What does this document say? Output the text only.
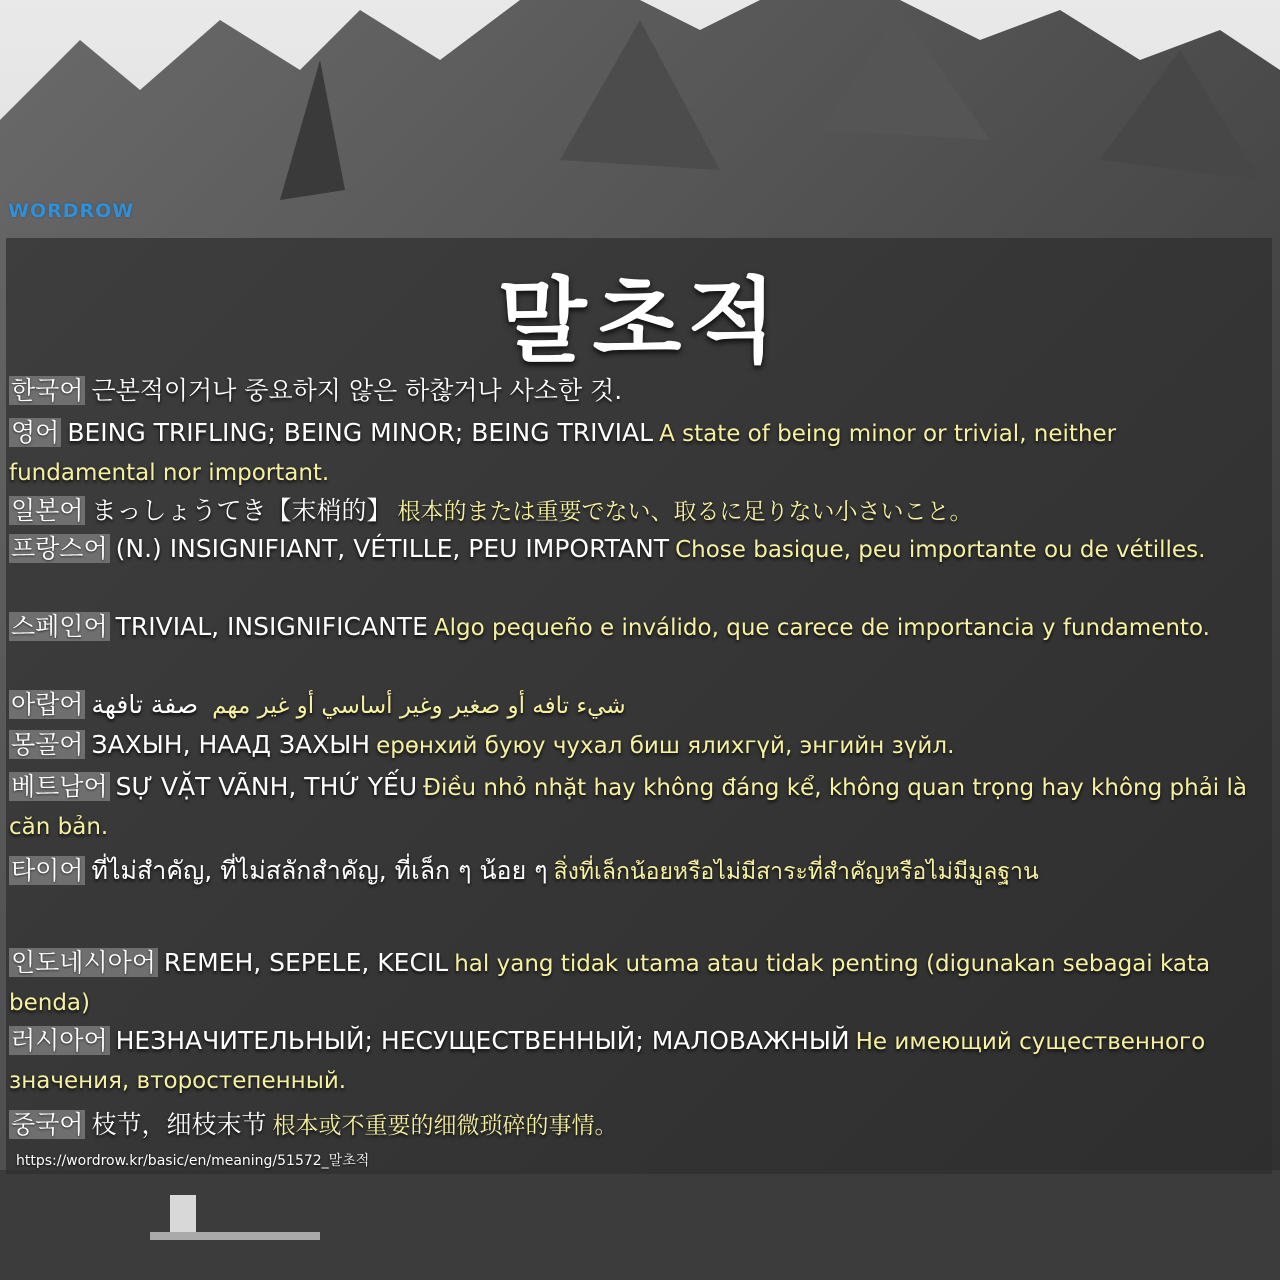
WORDROW
말초적
한국어 근본적이거나 중요하지 않은 하찮거나 사소한 것.
영어 BEING TRIFLING; BEING MINOR; BEING TRIVIAL A state of being minor or trivial, neither fundamental nor important.
일본어 まっしょうてき【末梢的】 根本的または重要でない、取るに足りない小さいこと。
프랑스어 (N.) INSIGNIFIANT, VÉTILLE, PEU IMPORTANT Chose basique, peu importante ou de vétilles.
스페인어 TRIVIAL, INSIGNIFICANTE Algo pequeño e inválido, que carece de importancia y fundamento.
아랍어	شيء تافه أو صغير وغير أساسي أو غير مهم صفة تافهة
몽골어 ЗАХЫН, НААД ЗАХЫН ерөнхий буюу чухал биш ялихгүй, энгийн зүйл.
베트남어 SỰ VẶT VÃNH, THỨ YẾU Điều nhỏ nhặt hay không đáng kể, không quan trọng hay không phải là căn bản.
타이어 ที่ไม่สำคัญ, ที่ไม่สลักสำคัญ, ที่เล็ก ๆ น้อย ๆ สิ่งที่เล็กน้อยหรือไม่มีสาระที่สำคัญหรือไม่มีมูลฐาน
인도네시아어 REMEH, SEPELE, KECIL hal yang tidak utama atau tidak penting (digunakan sebagai kata benda)
러시아어 НЕЗНАЧИТЕЛЬНЫЙ; НЕСУЩЕСТВЕННЫЙ; МАЛОВАЖНЫЙ Не имеющий существенного значения, второстепенный.
중국어 枝节，细枝末节 根本或不重要的细微琐碎的事情。
https://wordrow.kr/basic/en/meaning/51572_말초적
